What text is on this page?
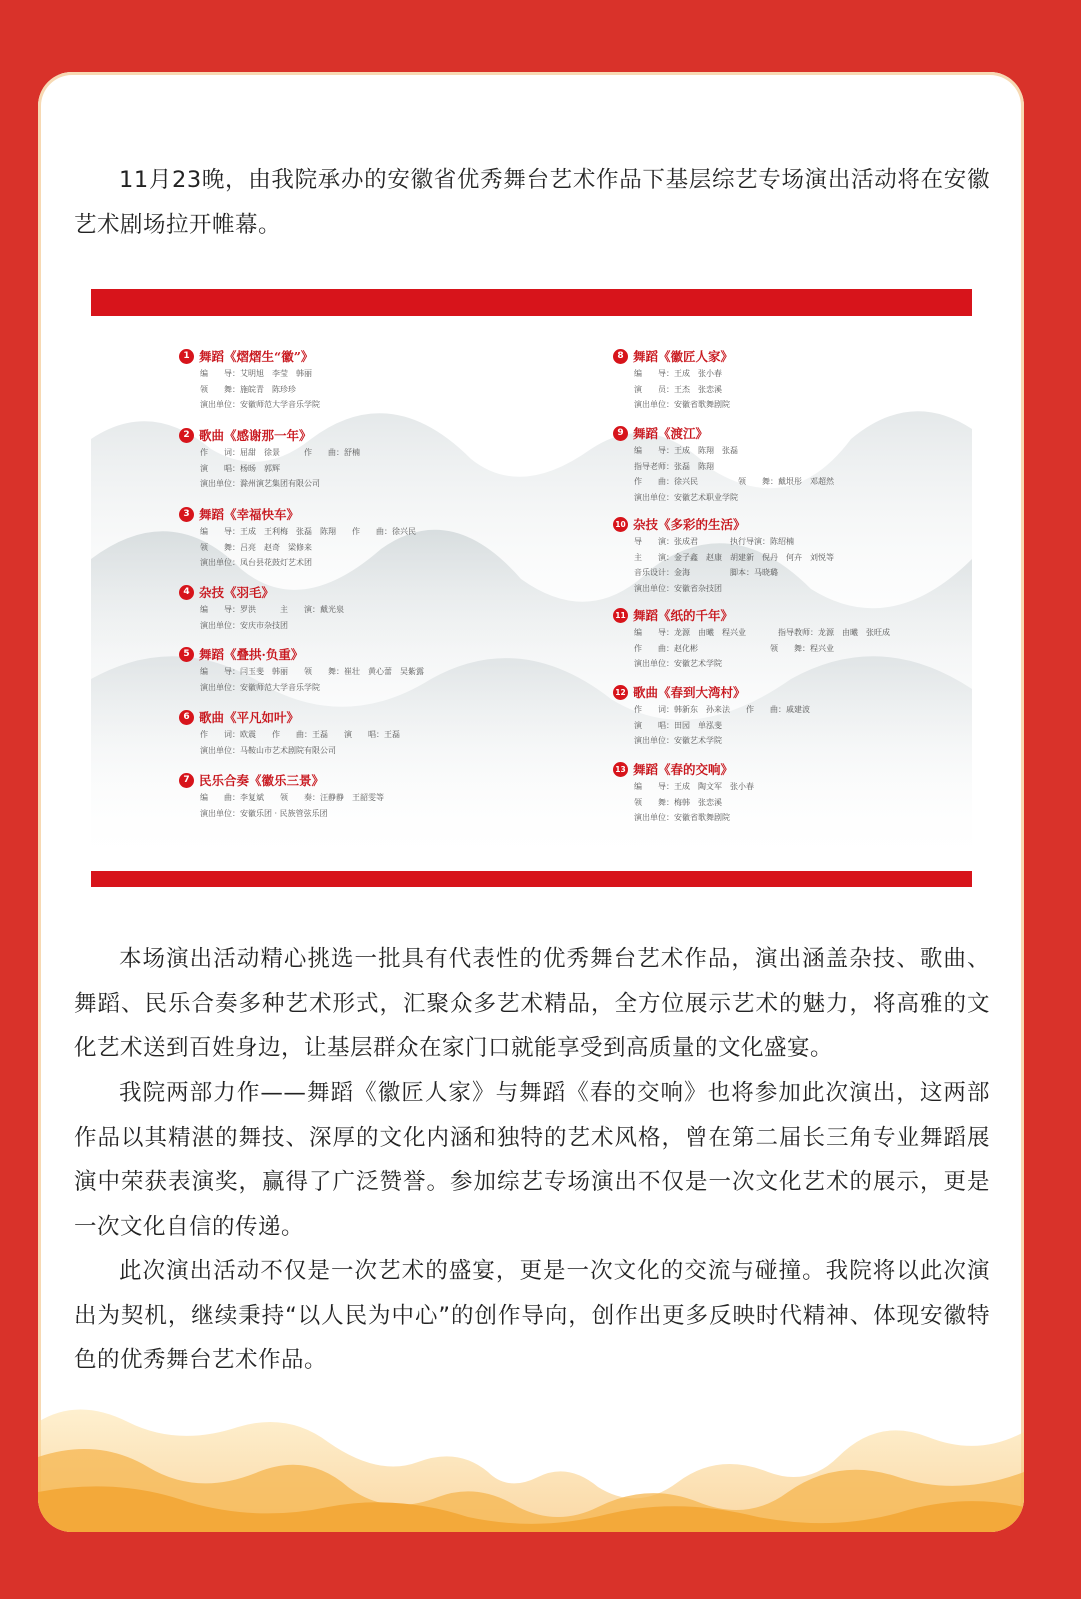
11月23晚，由我院承办的安徽省优秀舞台艺术作品下基层综艺专场演出活动将在安徽艺术剧场拉开帷幕。

1 舞蹈《熠熠生“徽”》
编　　导：艾明旭　李莹　韩丽
领　　舞：施皖青　陈珍珍
演出单位：安徽师范大学音乐学院
2 歌曲《感谢那一年》
作　　词：屈甜　徐景　　　作　　曲：舒楠
演　　唱：杨旸　郭辉
演出单位：滁州演艺集团有限公司
3 舞蹈《幸福快车》
编　　导：王成　王利梅　张磊　陈翔　　作　　曲：徐兴民
领　　舞：吕亮　赵奇　梁修来
演出单位：凤台县花鼓灯艺术团
4 杂技《羽毛》
编　　导：罗洪　　　主　　演：戴光泉
演出单位：安庆市杂技团
5 舞蹈《叠拱·负重》
编　　导：闫玉斐　韩丽　　领　　舞：崔壮　黄心蕾　吴紫露
演出单位：安徽师范大学音乐学院
6 歌曲《平凡如叶》
作　　词：欧震　　作　　曲：王磊　　演　　唱：王磊
演出单位：马鞍山市艺术剧院有限公司
7 民乐合奏《徽乐三景》
编　　曲：李复斌　　领　　奏：汪静静　王韶雯等
演出单位：安徽乐团 · 民族管弦乐团
8 舞蹈《徽匠人家》
编　　导：王成　张小春
演　　员：王杰　张恋溪
演出单位：安徽省歌舞剧院
9 舞蹈《渡江》
编　　导：王成　陈翔　张磊
指导老师：张磊　陈翔
作　　曲：徐兴民　　　　　领　　舞：戴垠彤　邓超然
演出单位：安徽艺术职业学院
10 杂技《多彩的生活》
导　　演：张成君　　　　执行导演：陈绍楠
主　　演：金子鑫　赵康　胡建新　倪丹　何卉　刘悦等
音乐设计：金海　　　　　脚本：马晓璐
演出单位：安徽省杂技团
11 舞蹈《纸的千年》
编　　导：龙源　由曦　程兴业　　　　指导教师：龙源　由曦　张旺成
作　　曲：赵化彬　　　　　　　　　领　　舞：程兴业
演出单位：安徽艺术学院
12 歌曲《春到大湾村》
作　　词：韩新东　孙来法　　作　　曲：戚建波
演　　唱：田园　单泓斐
演出单位：安徽艺术学院
13 舞蹈《春的交响》
编　　导：王成　陶文军　张小春
领　　舞：梅韩　张恋溪
演出单位：安徽省歌舞剧院

本场演出活动精心挑选一批具有代表性的优秀舞台艺术作品，演出涵盖杂技、歌曲、舞蹈、民乐合奏多种艺术形式，汇聚众多艺术精品，全方位展示艺术的魅力，将高雅的文化艺术送到百姓身边，让基层群众在家门口就能享受到高质量的文化盛宴。

我院两部力作——舞蹈《徽匠人家》与舞蹈《春的交响》也将参加此次演出，这两部作品以其精湛的舞技、深厚的文化内涵和独特的艺术风格，曾在第二届长三角专业舞蹈展演中荣获表演奖，赢得了广泛赞誉。参加综艺专场演出不仅是一次文化艺术的展示，更是一次文化自信的传递。

此次演出活动不仅是一次艺术的盛宴，更是一次文化的交流与碰撞。我院将以此次演出为契机，继续秉持“以人民为中心”的创作导向，创作出更多反映时代精神、体现安徽特色的优秀舞台艺术作品。
